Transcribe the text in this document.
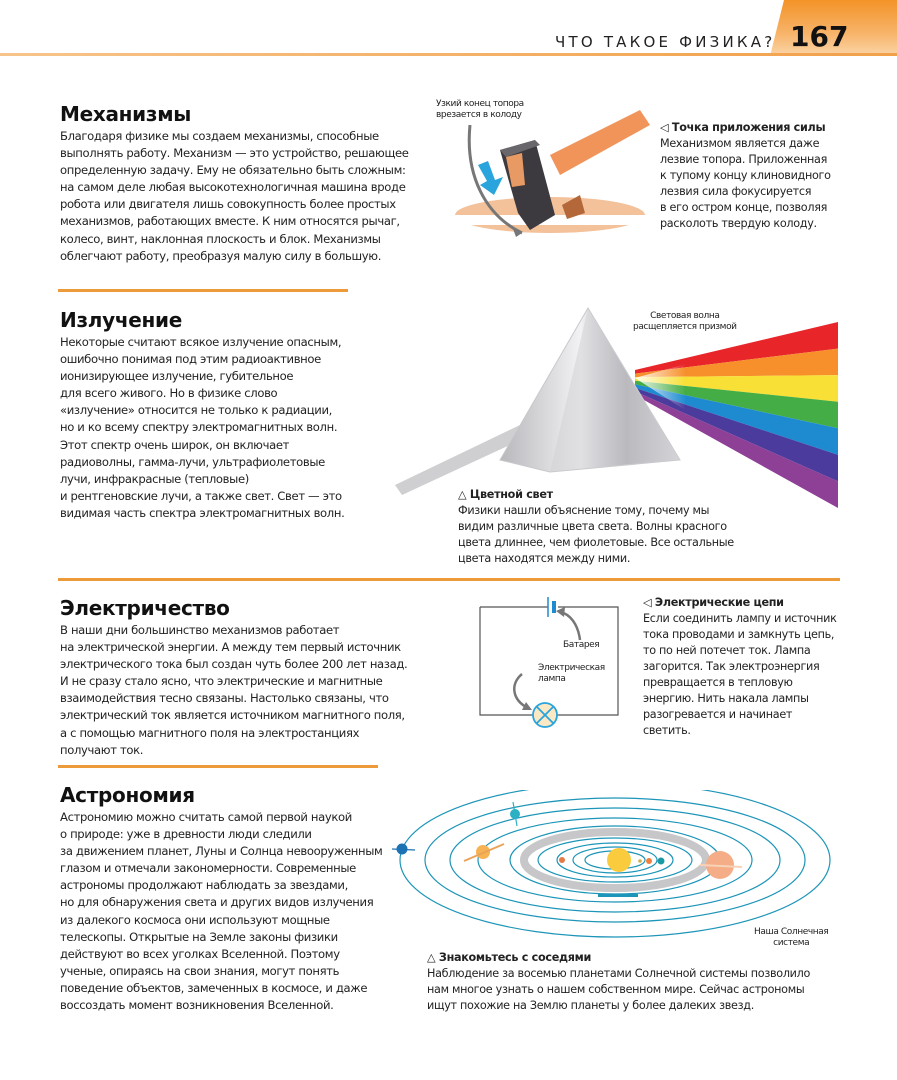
ЧТО ТАКОЕ ФИЗИКА? 167
Механизмы
Благодаря физике мы создаем механизмы, способные
выполнять работу. Механизм — это устройство, решающее
определенную задачу. Ему не обязательно быть сложным:
на самом деле любая высокотехнологичная машина вроде
робота или двигателя лишь совокупность более простых
механизмов, работающих вместе. К ним относятся рычаг,
колесо, винт, наклонная плоскость и блок. Механизмы
облегчают работу, преобразуя малую силу в большую.
Узкий конец топора
врезается в колоду
◁ Точка приложения силы
Механизмом является даже
лезвие топора. Приложенная
к тупому концу клиновидного
лезвия сила фокусируется
в его остром конце, позволяя
расколоть твердую колоду.
Излучение
Некоторые считают всякое излучение опасным,
ошибочно понимая под этим радиоактивное
ионизирующее излучение, губительное
для всего живого. Но в физике слово
«излучение» относится не только к радиации,
но и ко всему спектру электромагнитных волн.
Этот спектр очень широк, он включает
радиоволны, гамма-лучи, ультрафиолетовые
лучи, инфракрасные (тепловые)
и рентгеновские лучи, а также свет. Свет — это
видимая часть спектра электромагнитных волн.
Световая волна
расщепляется призмой
△ Цветной свет
Физики нашли объяснение тому, почему мы
видим различные цвета света. Волны красного
цвета длиннее, чем фиолетовые. Все остальные
цвета находятся между ними.
Электричество
В наши дни большинство механизмов работает
на электрической энергии. А между тем первый источник
электрического тока был создан чуть более 200 лет назад.
И не сразу стало ясно, что электрические и магнитные
взаимодействия тесно связаны. Настолько связаны, что
электрический ток является источником магнитного поля,
а с помощью магнитного поля на электростанциях
получают ток.
Батарея
Электрическая
лампа
◁ Электрические цепи
Если соединить лампу и источник
тока проводами и замкнуть цепь,
то по ней потечет ток. Лампа
загорится. Так электроэнергия
превращается в тепловую
энергию. Нить накала лампы
разогревается и начинает
светить.
Астрономия
Астрономию можно считать самой первой наукой
о природе: уже в древности люди следили
за движением планет, Луны и Солнца невооруженным
глазом и отмечали закономерности. Современные
астрономы продолжают наблюдать за звездами,
но для обнаружения света и других видов излучения
из далекого космоса они используют мощные
телескопы. Открытые на Земле законы физики
действуют во всех уголках Вселенной. Поэтому
ученые, опираясь на свои знания, могут понять
поведение объектов, замеченных в космосе, и даже
воссоздать момент возникновения Вселенной.
Наша Солнечная
система
△ Знакомьтесь с соседями
Наблюдение за восемью планетами Солнечной системы позволило
нам многое узнать о нашем собственном мире. Сейчас астрономы
ищут похожие на Землю планеты у более далеких звезд.
